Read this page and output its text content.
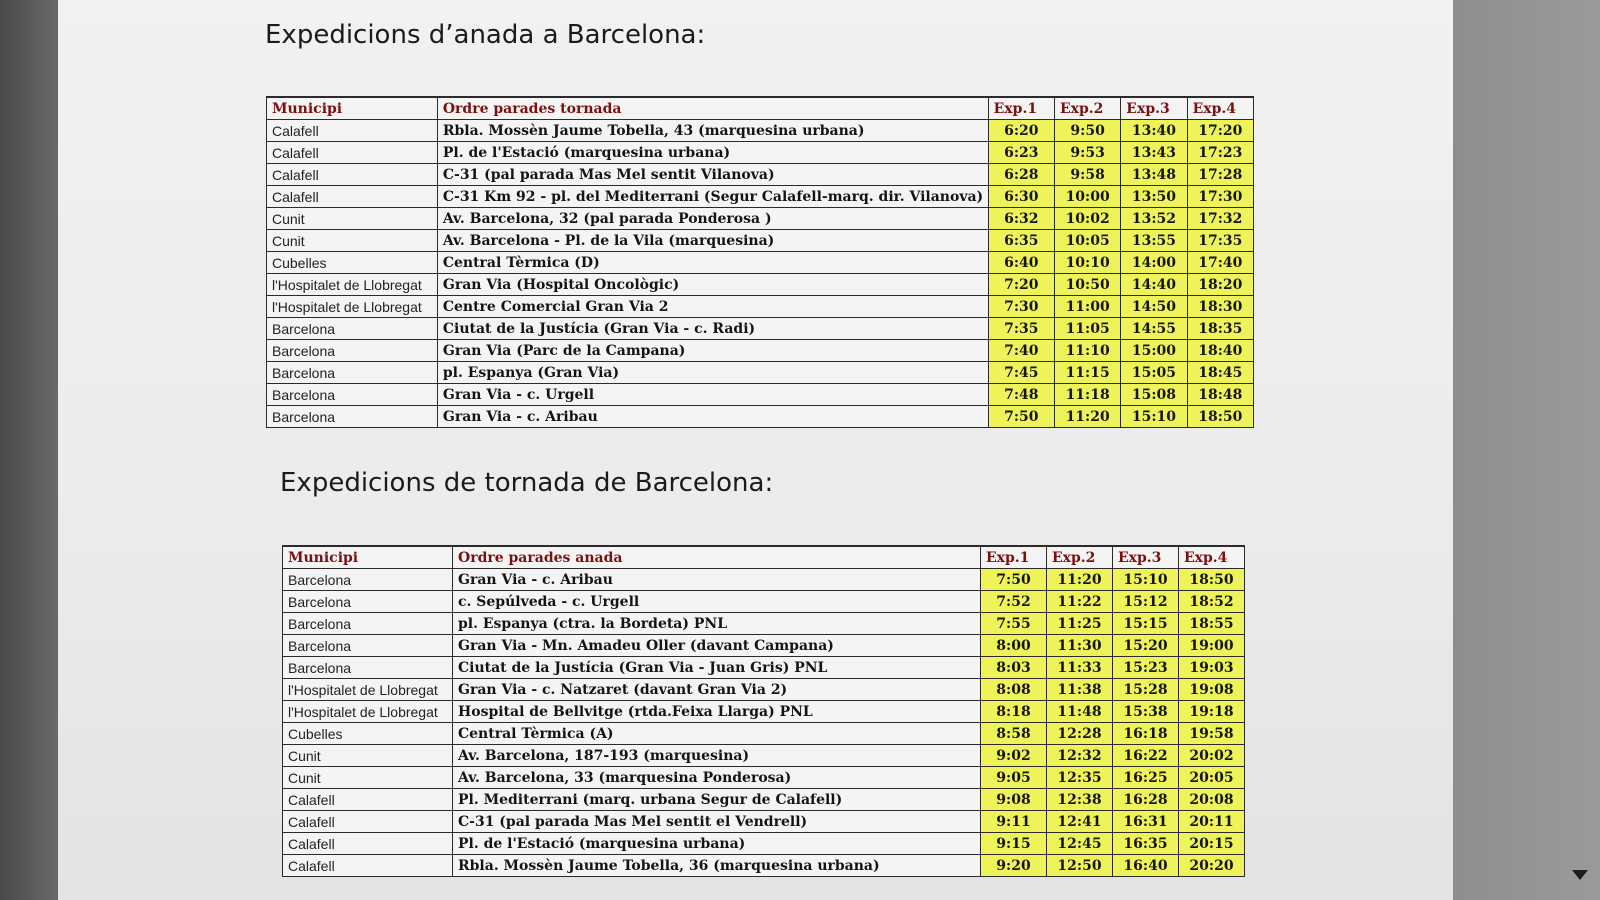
Expedicions d’anada a Barcelona:
Expedicions de tornada de Barcelona:
Municipi	Ordre parades tornada	Exp.1	Exp.2	Exp.3	Exp.4
Calafell	Rbla. Mossèn Jaume Tobella, 43 (marquesina urbana)	6:20	9:50	13:40	17:20
Calafell	Pl. de l'Estació (marquesina urbana)	6:23	9:53	13:43	17:23
Calafell	C-31 (pal parada Mas Mel sentit Vilanova)	6:28	9:58	13:48	17:28
Calafell	C-31 Km 92 - pl. del Mediterrani (Segur Calafell-marq. dir. Vilanova)	6:30	10:00	13:50	17:30
Cunit	Av. Barcelona, 32 (pal parada Ponderosa )	6:32	10:02	13:52	17:32
Cunit	Av. Barcelona - Pl. de la Vila (marquesina)	6:35	10:05	13:55	17:35
Cubelles	Central Tèrmica (D)	6:40	10:10	14:00	17:40
l'Hospitalet de Llobregat	Gran Via (Hospital Oncològic)	7:20	10:50	14:40	18:20
l'Hospitalet de Llobregat	Centre Comercial Gran Via 2	7:30	11:00	14:50	18:30
Barcelona	Ciutat de la Justícia (Gran Via - c. Radi)	7:35	11:05	14:55	18:35
Barcelona	Gran Via (Parc de la Campana)	7:40	11:10	15:00	18:40
Barcelona	pl. Espanya (Gran Via)	7:45	11:15	15:05	18:45
Barcelona	Gran Via - c. Urgell	7:48	11:18	15:08	18:48
Barcelona	Gran Via - c. Aribau	7:50	11:20	15:10	18:50
Municipi	Ordre parades anada	Exp.1	Exp.2	Exp.3	Exp.4
Barcelona	Gran Via - c. Aribau	7:50	11:20	15:10	18:50
Barcelona	c. Sepúlveda - c. Urgell	7:52	11:22	15:12	18:52
Barcelona	pl. Espanya (ctra. la Bordeta) PNL	7:55	11:25	15:15	18:55
Barcelona	Gran Via - Mn. Amadeu Oller (davant Campana)	8:00	11:30	15:20	19:00
Barcelona	Ciutat de la Justícia (Gran Via - Juan Gris) PNL	8:03	11:33	15:23	19:03
l'Hospitalet de Llobregat	Gran Via - c. Natzaret (davant Gran Via 2)	8:08	11:38	15:28	19:08
l'Hospitalet de Llobregat	Hospital de Bellvitge (rtda.Feixa Llarga) PNL	8:18	11:48	15:38	19:18
Cubelles	Central Tèrmica (A)	8:58	12:28	16:18	19:58
Cunit	Av. Barcelona, 187-193 (marquesina)	9:02	12:32	16:22	20:02
Cunit	Av. Barcelona, 33 (marquesina Ponderosa)	9:05	12:35	16:25	20:05
Calafell	Pl. Mediterrani (marq. urbana Segur de Calafell)	9:08	12:38	16:28	20:08
Calafell	C-31 (pal parada Mas Mel sentit el Vendrell)	9:11	12:41	16:31	20:11
Calafell	Pl. de l'Estació (marquesina urbana)	9:15	12:45	16:35	20:15
Calafell	Rbla. Mossèn Jaume Tobella, 36 (marquesina urbana)	9:20	12:50	16:40	20:20
